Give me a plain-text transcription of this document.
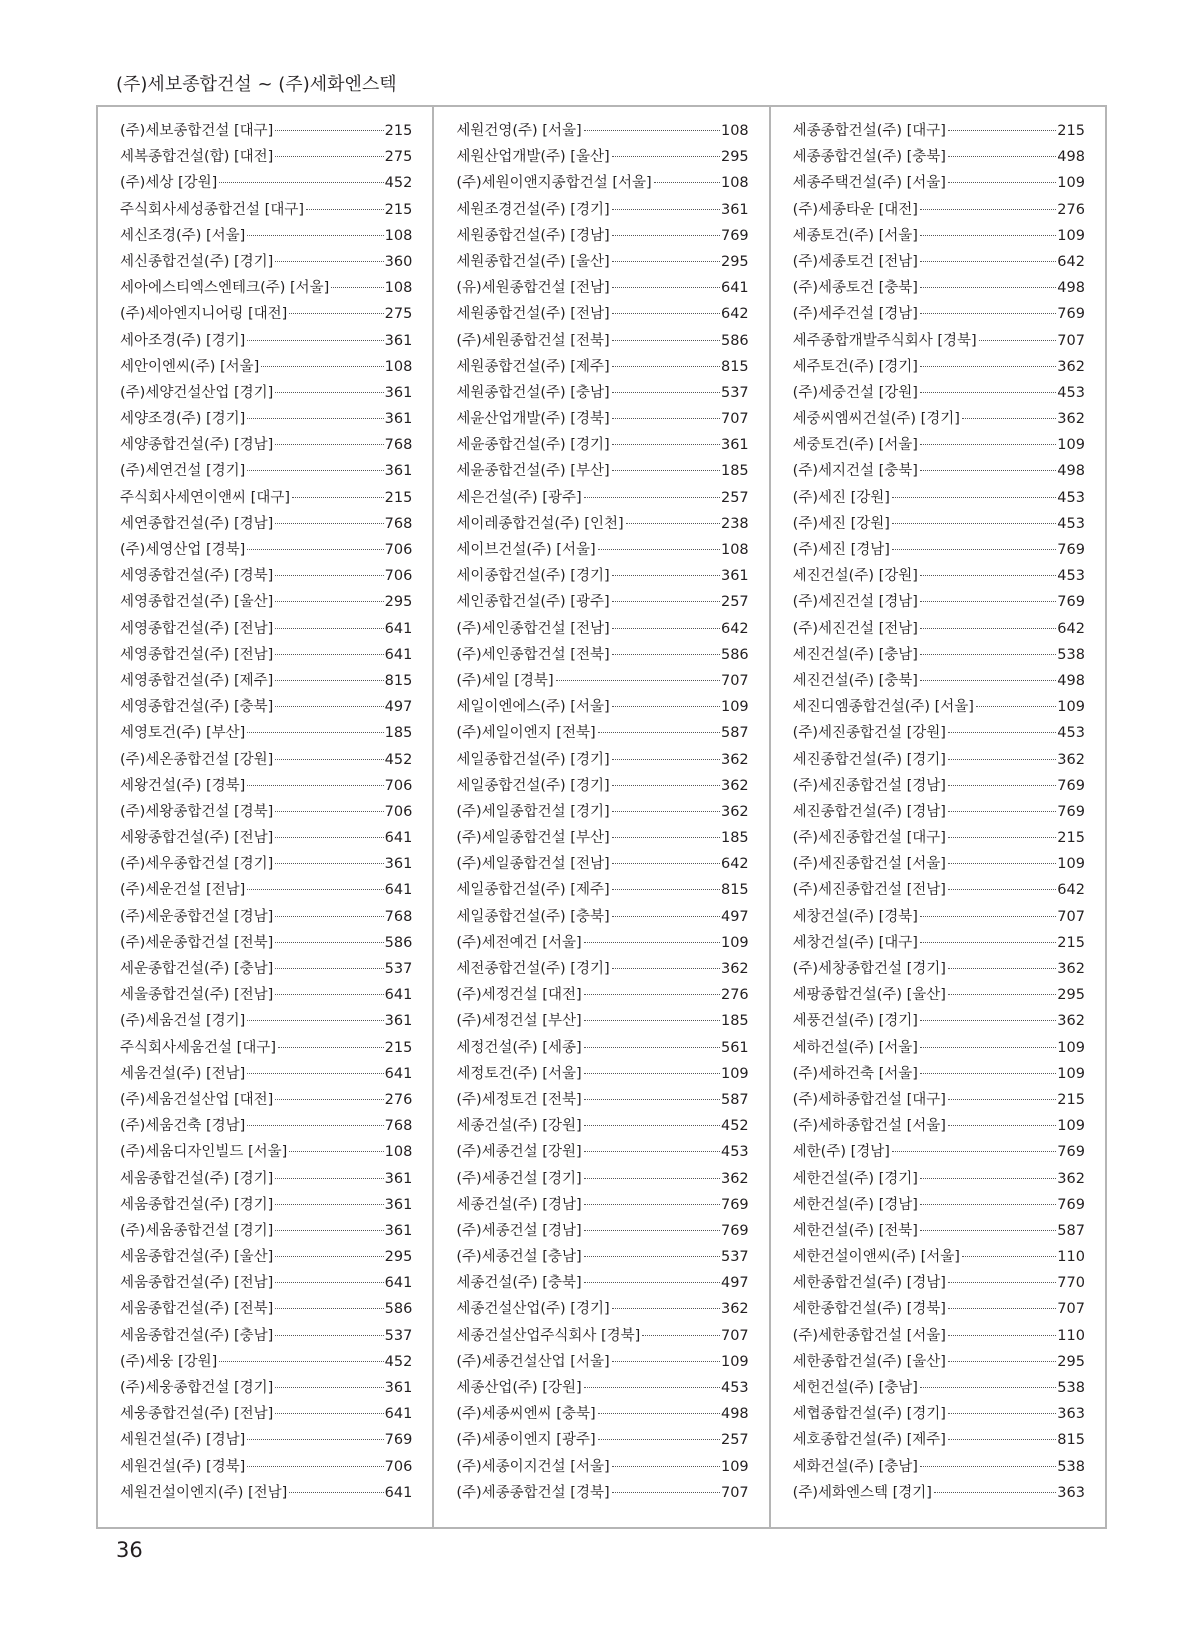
(주)세보종합건설 ~ (주)세화엔스텍
(주)세보종합건설 [대구]	215
세복종합건설(합) [대전]	275
(주)세상 [강원]	452
주식회사세성종합건설 [대구]	215
세신조경(주) [서울]	108
세신종합건설(주) [경기]	360
세아에스티엑스엔테크(주) [서울]	108
(주)세아엔지니어링 [대전]	275
세아조경(주) [경기]	361
세안이엔씨(주) [서울]	108
(주)세양건설산업 [경기]	361
세양조경(주) [경기]	361
세양종합건설(주) [경남]	768
(주)세연건설 [경기]	361
주식회사세연이앤씨 [대구]	215
세연종합건설(주) [경남]	768
(주)세영산업 [경북]	706
세영종합건설(주) [경북]	706
세영종합건설(주) [울산]	295
세영종합건설(주) [전남]	641
세영종합건설(주) [전남]	641
세영종합건설(주) [제주]	815
세영종합건설(주) [충북]	497
세영토건(주) [부산]	185
(주)세온종합건설 [강원]	452
세왕건설(주) [경북]	706
(주)세왕종합건설 [경북]	706
세왕종합건설(주) [전남]	641
(주)세우종합건설 [경기]	361
(주)세운건설 [전남]	641
(주)세운종합건설 [경남]	768
(주)세운종합건설 [전북]	586
세운종합건설(주) [충남]	537
세울종합건설(주) [전남]	641
(주)세움건설 [경기]	361
주식회사세움건설 [대구]	215
세움건설(주) [전남]	641
(주)세움건설산업 [대전]	276
(주)세움건축 [경남]	768
(주)세움디자인빌드 [서울]	108
세움종합건설(주) [경기]	361
세움종합건설(주) [경기]	361
(주)세움종합건설 [경기]	361
세움종합건설(주) [울산]	295
세움종합건설(주) [전남]	641
세움종합건설(주) [전북]	586
세움종합건설(주) [충남]	537
(주)세웅 [강원]	452
(주)세웅종합건설 [경기]	361
세웅종합건설(주) [전남]	641
세원건설(주) [경남]	769
세원건설(주) [경북]	706
세원건설이엔지(주) [전남]	641
세원건영(주) [서울]	108
세원산업개발(주) [울산]	295
(주)세원이앤지종합건설 [서울]	108
세원조경건설(주) [경기]	361
세원종합건설(주) [경남]	769
세원종합건설(주) [울산]	295
(유)세원종합건설 [전남]	641
세원종합건설(주) [전남]	642
(주)세원종합건설 [전북]	586
세원종합건설(주) [제주]	815
세원종합건설(주) [충남]	537
세윤산업개발(주) [경북]	707
세윤종합건설(주) [경기]	361
세윤종합건설(주) [부산]	185
세은건설(주) [광주]	257
세이레종합건설(주) [인천]	238
세이브건설(주) [서울]	108
세이종합건설(주) [경기]	361
세인종합건설(주) [광주]	257
(주)세인종합건설 [전남]	642
(주)세인종합건설 [전북]	586
(주)세일 [경북]	707
세일이엔에스(주) [서울]	109
(주)세일이엔지 [전북]	587
세일종합건설(주) [경기]	362
세일종합건설(주) [경기]	362
(주)세일종합건설 [경기]	362
(주)세일종합건설 [부산]	185
(주)세일종합건설 [전남]	642
세일종합건설(주) [제주]	815
세일종합건설(주) [충북]	497
(주)세전예건 [서울]	109
세전종합건설(주) [경기]	362
(주)세정건설 [대전]	276
(주)세정건설 [부산]	185
세정건설(주) [세종]	561
세정토건(주) [서울]	109
(주)세정토건 [전북]	587
세종건설(주) [강원]	452
(주)세종건설 [강원]	453
(주)세종건설 [경기]	362
세종건설(주) [경남]	769
(주)세종건설 [경남]	769
(주)세종건설 [충남]	537
세종건설(주) [충북]	497
세종건설산업(주) [경기]	362
세종건설산업주식회사 [경북]	707
(주)세종건설산업 [서울]	109
세종산업(주) [강원]	453
(주)세종씨엔씨 [충북]	498
(주)세종이엔지 [광주]	257
(주)세종이지건설 [서울]	109
(주)세종종합건설 [경북]	707
세종종합건설(주) [대구]	215
세종종합건설(주) [충북]	498
세종주택건설(주) [서울]	109
(주)세종타운 [대전]	276
세종토건(주) [서울]	109
(주)세종토건 [전남]	642
(주)세종토건 [충북]	498
(주)세주건설 [경남]	769
세주종합개발주식회사 [경북]	707
세주토건(주) [경기]	362
(주)세중건설 [강원]	453
세중씨엠씨건설(주) [경기]	362
세중토건(주) [서울]	109
(주)세지건설 [충북]	498
(주)세진 [강원]	453
(주)세진 [강원]	453
(주)세진 [경남]	769
세진건설(주) [강원]	453
(주)세진건설 [경남]	769
(주)세진건설 [전남]	642
세진건설(주) [충남]	538
세진건설(주) [충북]	498
세진디엠종합건설(주) [서울]	109
(주)세진종합건설 [강원]	453
세진종합건설(주) [경기]	362
(주)세진종합건설 [경남]	769
세진종합건설(주) [경남]	769
(주)세진종합건설 [대구]	215
(주)세진종합건설 [서울]	109
(주)세진종합건설 [전남]	642
세창건설(주) [경북]	707
세창건설(주) [대구]	215
(주)세창종합건설 [경기]	362
세팡종합건설(주) [울산]	295
세풍건설(주) [경기]	362
세하건설(주) [서울]	109
(주)세하건축 [서울]	109
(주)세하종합건설 [대구]	215
(주)세하종합건설 [서울]	109
세한(주) [경남]	769
세한건설(주) [경기]	362
세한건설(주) [경남]	769
세한건설(주) [전북]	587
세한건설이앤씨(주) [서울]	110
세한종합건설(주) [경남]	770
세한종합건설(주) [경북]	707
(주)세한종합건설 [서울]	110
세한종합건설(주) [울산]	295
세헌건설(주) [충남]	538
세협종합건설(주) [경기]	363
세호종합건설(주) [제주]	815
세화건설(주) [충남]	538
(주)세화엔스텍 [경기]	363
36
